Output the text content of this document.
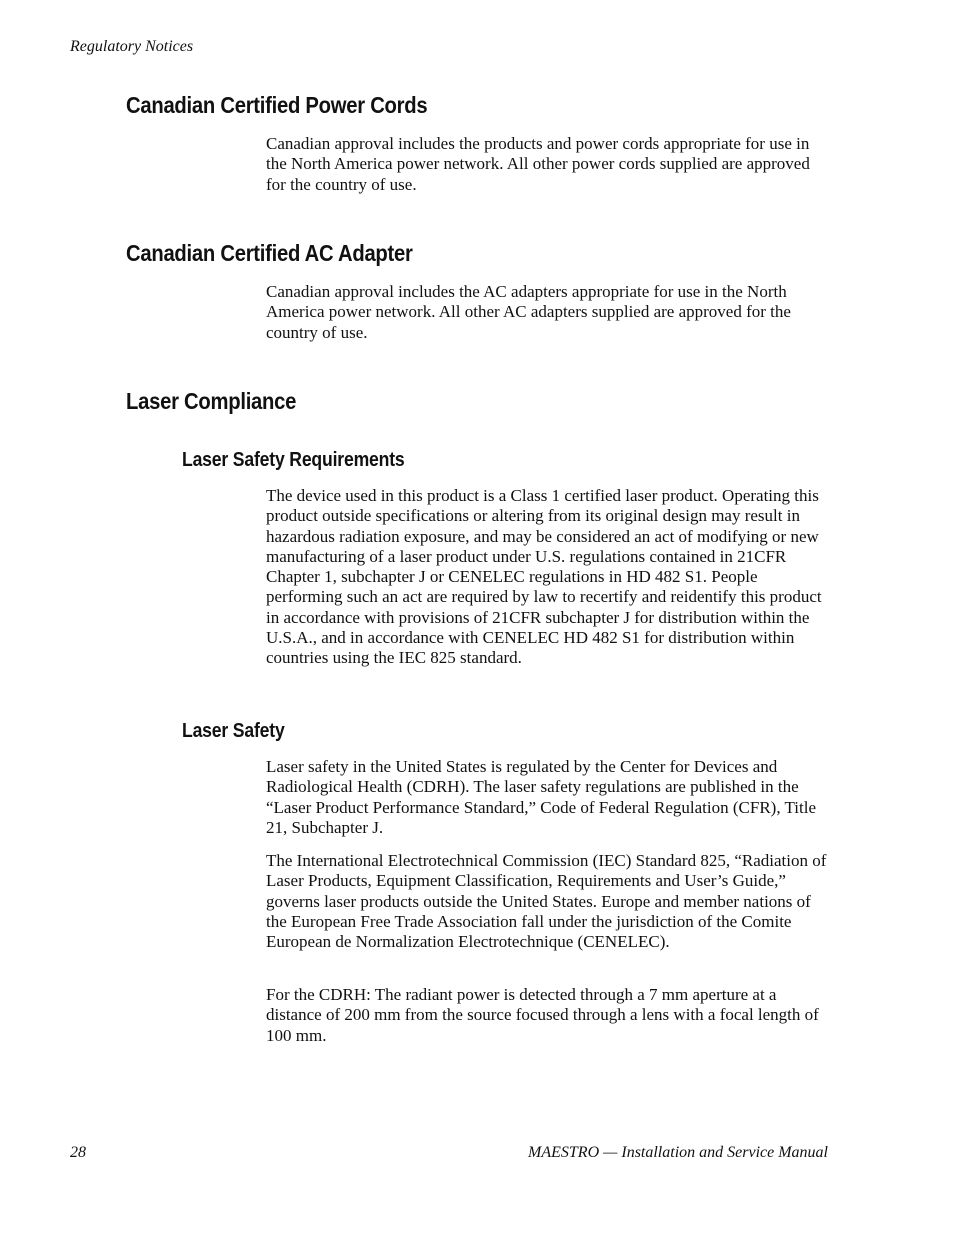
Regulatory Notices

Canadian Certified Power Cords

Canadian approval includes the products and power cords appropriate for use in the North America power network. All other power cords supplied are approved for the country of use.

Canadian Certified AC Adapter

Canadian approval includes the AC adapters appropriate for use in the North America power network. All other AC adapters supplied are approved for the country of use.

Laser Compliance
Laser Safety Requirements

The device used in this product is a Class 1 certified laser product. Operating this product outside specifications or altering from its original design may result in hazardous radiation exposure, and may be considered an act of modifying or new manufacturing of a laser product under U.S. regulations contained in 21CFR Chapter 1, subchapter J or CENELEC regulations in HD 482 S1. People performing such an act are required by law to recertify and reidentify this product in accordance with provisions of 21CFR subchapter J for distribution within the U.S.A., and in accordance with CENELEC HD 482 S1 for distribution within countries using the IEC 825 standard.

Laser Safety

Laser safety in the United States is regulated by the Center for Devices and Radiological Health (CDRH). The laser safety regulations are published in the “Laser Product Performance Standard,” Code of Federal Regulation (CFR), Title 21, Subchapter J.

The International Electrotechnical Commission (IEC) Standard 825, “Radiation of Laser Products, Equipment Classification, Requirements and User’s Guide,” governs laser products outside the United States. Europe and member nations of the European Free Trade Association fall under the jurisdiction of the Comite European de Normalization Electrotechnique (CENELEC).

For the CDRH: The radiant power is detected through a 7 mm aperture at a distance of 200 mm from the source focused through a lens with a focal length of 100 mm.

28	MAESTRO — Installation and Service Manual
